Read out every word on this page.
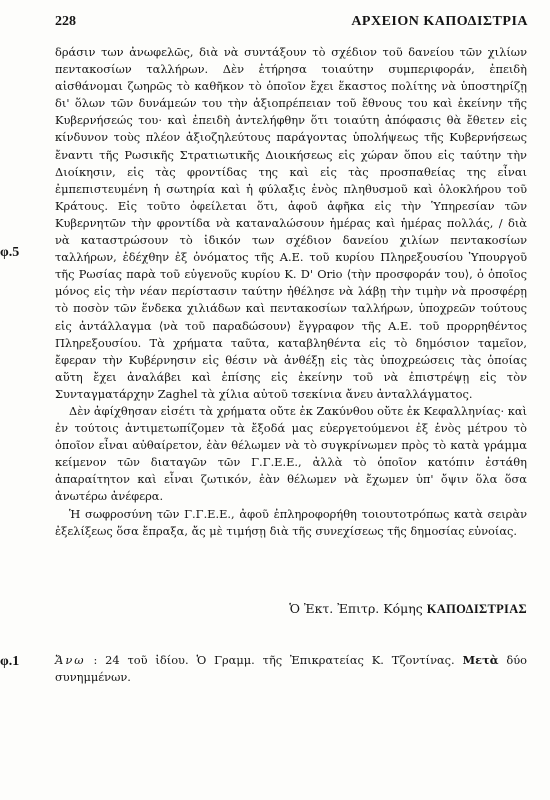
228	ΑΡΧΕΙΟΝ ΚΑΠΟΔΙΣΤΡΙΑ
φ.5

δράσιν των ἀνωφελῶς, διὰ νὰ συντάξουν τὸ σχέδιον τοῦ δανείου τῶν χιλίων πεντακοσίων ταλλήρων. Δὲν ἐτήρησα τοιαύτην συμπεριφοράν, ἐπειδὴ αἰσθάνομαι ζωηρῶς τὸ καθῆκον τὸ ὁποῖον ἔχει ἕκαστος πολίτης νὰ ὑποστηρίζῃ δι' ὅλων τῶν δυνάμεών του τὴν ἀξιοπρέπειαν τοῦ ἔθνους του καὶ ἐκείνην τῆς Κυβερνήσεώς του· καὶ ἐπειδὴ ἀντελήφθην ὅτι τοιαύτη ἀπόφασις θὰ ἔθετεν εἰς κίνδυνον τοὺς πλέον ἀξιοζηλεύτους παράγοντας ὑπολήψεως τῆς Κυβερνήσεως ἔναντι τῆς Ρωσικῆς Στρατιωτικῆς Διοικήσεως εἰς χώραν ὅπου εἰς ταύτην τὴν Διοίκησιν, εἰς τὰς φροντίδας της καὶ εἰς τὰς προσπαθείας της εἶναι ἐμπεπιστευμένη ἡ σωτηρία καὶ ἡ φύλαξις ἑνὸς πληθυσμοῦ καὶ ὁλοκλήρου τοῦ Κράτους. Εἰς τοῦτο ὀφείλεται ὅτι, ἀφοῦ ἀφῆκα εἰς τὴν Ὑπηρεσίαν τῶν Κυβερνητῶν τὴν φροντίδα νὰ καταναλώσουν ἡμέρας καὶ ἡμέρας πολλάς, / διὰ νὰ καταστρώσουν τὸ ἰδικόν των σχέδιον δανείου χιλίων πεντακοσίων ταλλήρων, ἐδέχθην ἐξ ὀνόματος τῆς Α.Ε. τοῦ κυρίου Πληρεξουσίου Ὑπουργοῦ τῆς Ρωσίας παρὰ τοῦ εὐγενοῦς κυρίου Κ. D' Orio ⟨τὴν προσφοράν του⟩, ὁ ὁποῖος μόνος εἰς τὴν νέαν περίστασιν ταύτην ἠθέλησε νὰ λάβῃ τὴν τιμὴν νὰ προσφέρῃ τὸ ποσὸν τῶν ἕνδεκα χιλιάδων καὶ πεντακοσίων ταλλήρων, ὑποχρεῶν τούτους εἰς ἀντάλλαγμα ⟨νὰ τοῦ παραδώσουν⟩ ἔγγραφον τῆς Α.Ε. τοῦ προρρηθέντος Πληρεξουσίου. Τὰ χρήματα ταῦτα, καταβληθέντα εἰς τὸ δημόσιον ταμεῖον, ἔφεραν τὴν Κυβέρνησιν εἰς θέσιν νὰ ἀνθέξῃ εἰς τὰς ὑποχρεώσεις τὰς ὁποίας αὕτη ἔχει ἀναλάβει καὶ ἐπίσης εἰς ἐκείνην τοῦ νὰ ἐπιστρέψῃ εἰς τὸν Συνταγματάρχην Zaghel τὰ χίλια αὐτοῦ τσεκίνια ἄνευ ἀνταλλάγματος.

Δὲν ἀφίχθησαν εἰσέτι τὰ χρήματα οὔτε ἐκ Ζακύνθου οὔτε ἐκ Κεφαλληνίας· καὶ ἐν τούτοις ἀντιμετωπίζομεν τὰ ἔξοδά μας εὐεργετούμενοι ἐξ ἑνὸς μέτρου τὸ ὁποῖον εἶναι αὐθαίρετον, ἐὰν θέλωμεν νὰ τὸ συγκρίνωμεν πρὸς τὸ κατὰ γράμμα κείμενον τῶν διαταγῶν τῶν Γ.Γ.Ε.Ε., ἀλλὰ τὸ ὁποῖον κατόπιν ἐστάθη ἀπαραίτητον καὶ εἶναι ζωτικόν, ἐὰν θέλωμεν νὰ ἔχωμεν ὑπ' ὄψιν ὅλα ὅσα ἀνωτέρω ἀνέφερα.

Ἡ σωφροσύνη τῶν Γ.Γ.Ε.Ε., ἀφοῦ ἐπληροφορήθη τοιουτοτρόπως κατὰ σειρὰν ἐξελίξεως ὅσα ἔπραξα, ἄς μὲ τιμήσῃ διὰ τῆς συνεχίσεως τῆς δημοσίας εὐνοίας.

Ὁ Ἐκτ. Ἐπιτρ. Κόμης ΚΑΠΟΔΙΣΤΡΙΑΣ
φ.1	Ἄνω : 24 τοῦ ἰδίου. Ὁ Γραμμ. τῆς Ἐπικρατείας Κ. Τζοντίνας. Μετὰ δύο συνημμένων.
